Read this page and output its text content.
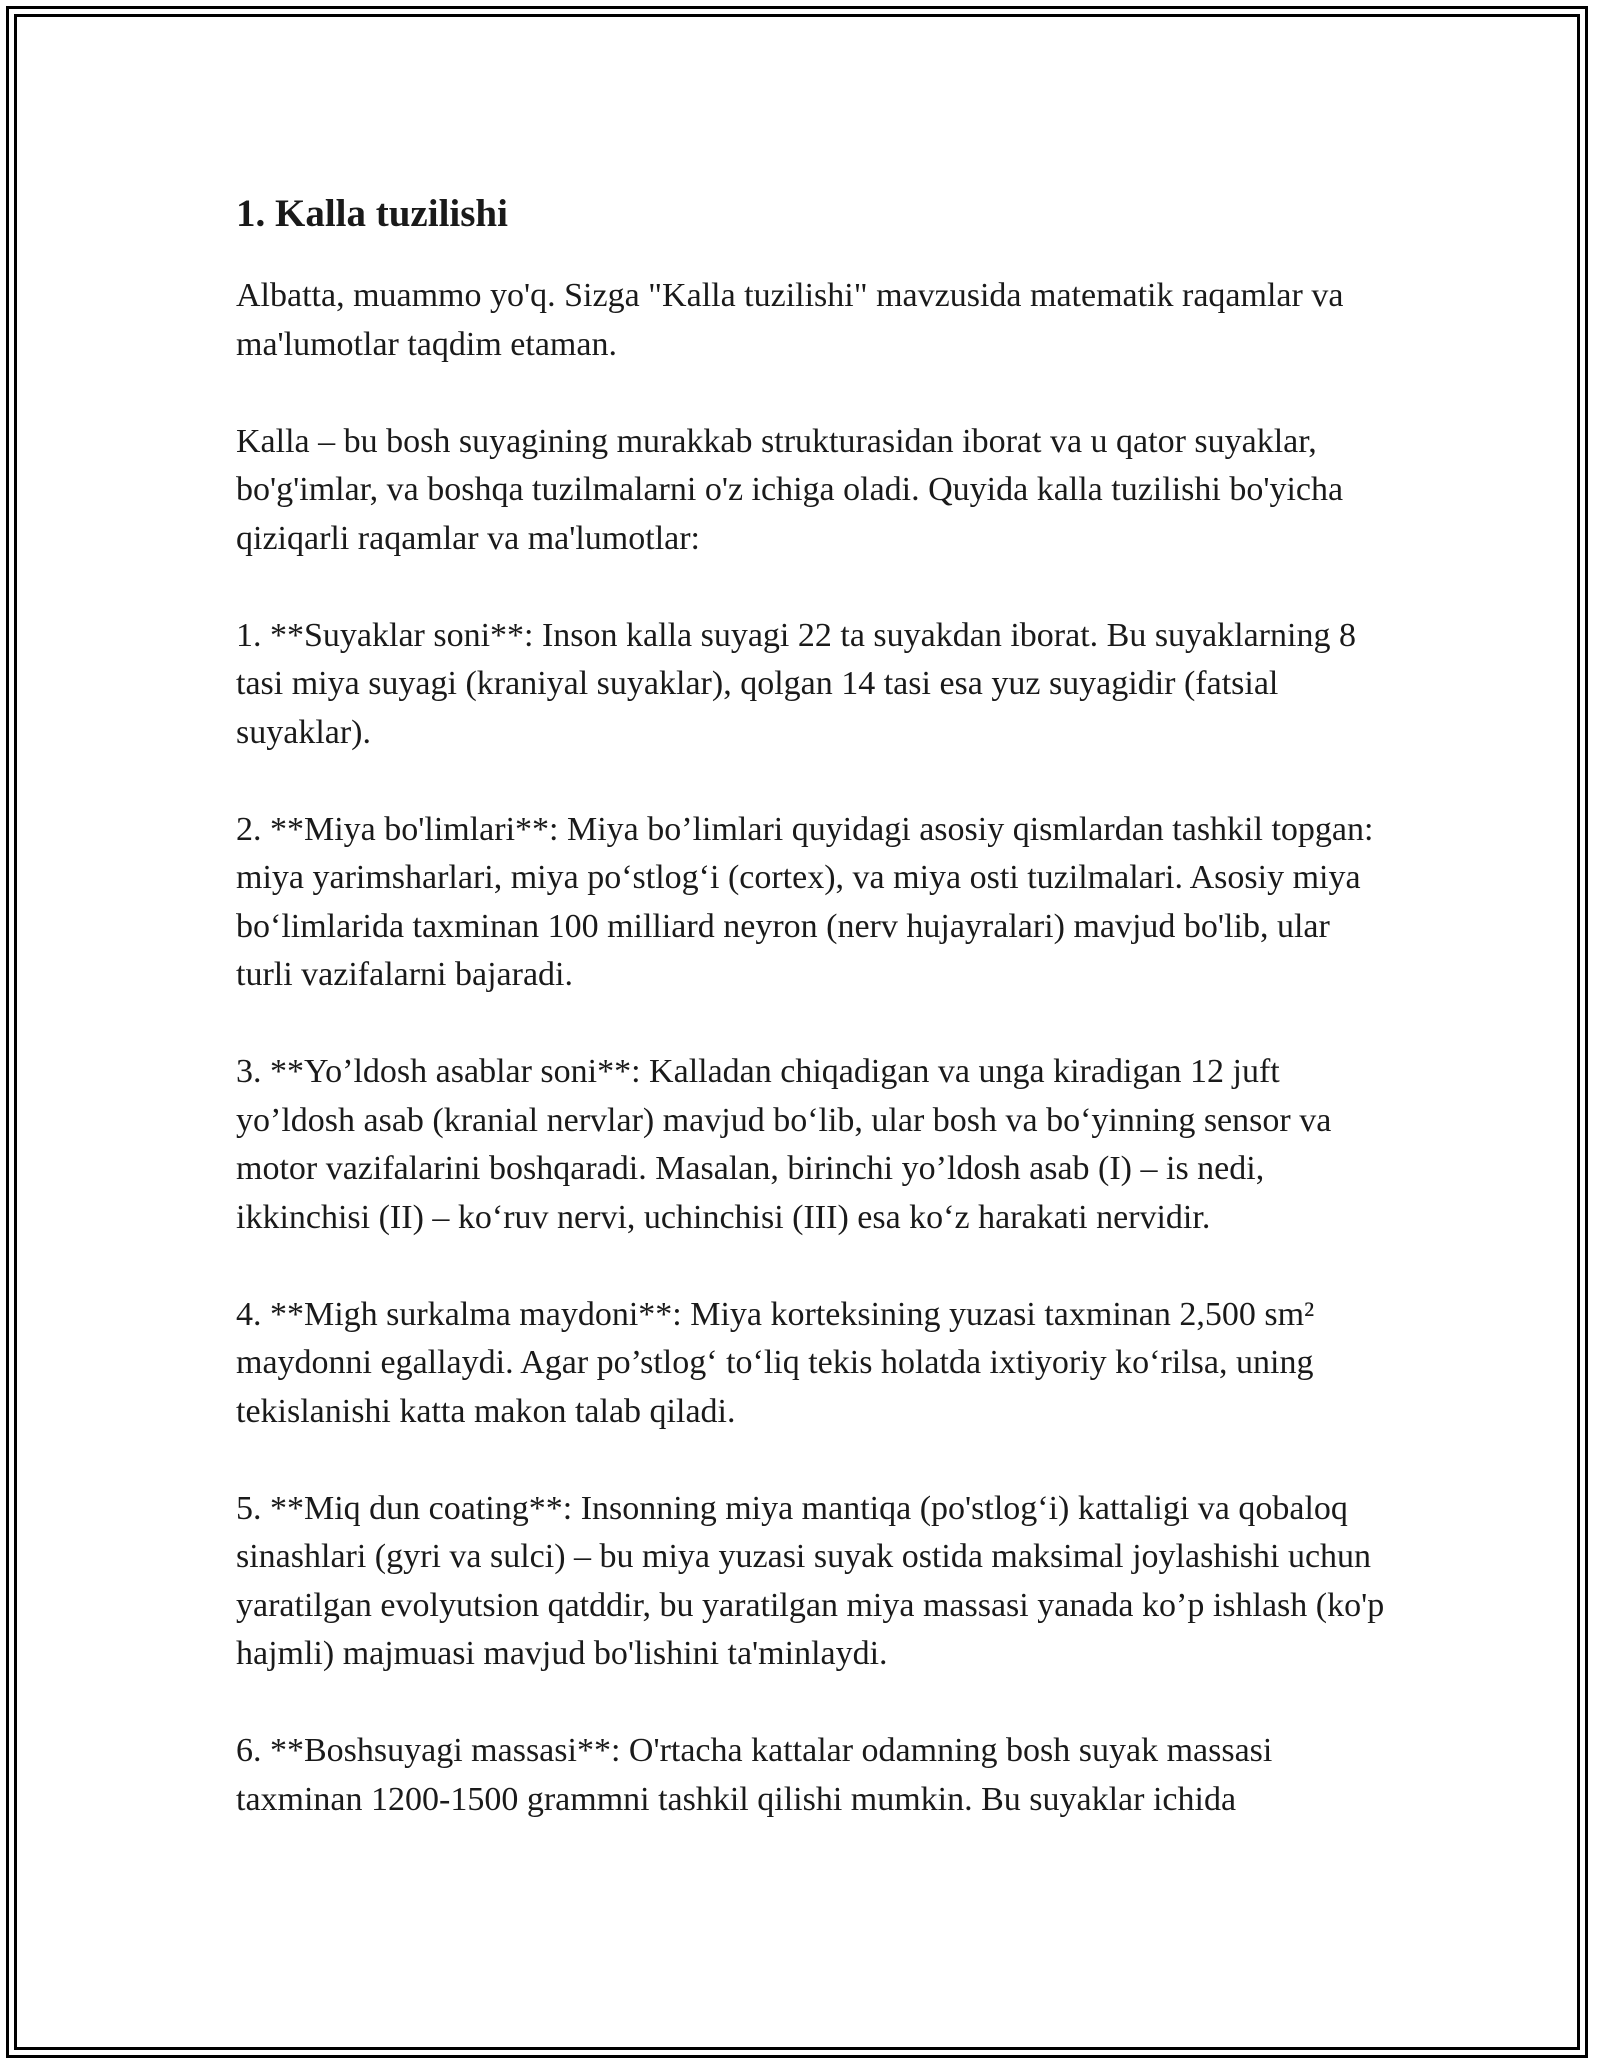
1. Kalla tuzilishi

Albatta, muammo yo'q. Sizga "Kalla tuzilishi" mavzusida matematik raqamlar va ma'lumotlar taqdim etaman.

Kalla – bu bosh suyagining murakkab strukturasidan iborat va u qator suyaklar, bo'g'imlar, va boshqa tuzilmalarni o'z ichiga oladi. Quyida kalla tuzilishi bo'yicha qiziqarli raqamlar va ma'lumotlar:

1. **Suyaklar soni**: Inson kalla suyagi 22 ta suyakdan iborat. Bu suyaklarning 8 tasi miya suyagi (kraniyal suyaklar), qolgan 14 tasi esa yuz suyagidir (fatsial suyaklar).

2. **Miya bo'limlari**: Miya bo’limlari quyidagi asosiy qismlardan tashkil topgan: miya yarimsharlari, miya po‘stlog‘i (cortex), va miya osti tuzilmalari. Asosiy miya bo‘limlarida taxminan 100 milliard neyron (nerv hujayralari) mavjud bo'lib, ular turli vazifalarni bajaradi.

3. **Yo’ldosh asablar soni**: Kalladan chiqadigan va unga kiradigan 12 juft yo’ldosh asab (kranial nervlar) mavjud bo‘lib, ular bosh va bo‘yinning sensor va motor vazifalarini boshqaradi. Masalan, birinchi yo’ldosh asab (I) – is nedi, ikkinchisi (II) – ko‘ruv nervi, uchinchisi (III) esa ko‘z harakati nervidir.

4. **Migh surkalma maydoni**: Miya korteksining yuzasi taxminan 2,500 sm² maydonni egallaydi. Agar po’stlog‘ to‘liq tekis holatda ixtiyoriy ko‘rilsa, uning tekislanishi katta makon talab qiladi.

5. **Miq dun coating**: Insonning miya mantiqa (po'stlog‘i) kattaligi va qobaloq sinashlari (gyri va sulci) – bu miya yuzasi suyak ostida maksimal joylashishi uchun yaratilgan evolyutsion qatddir, bu yaratilgan miya massasi yanada ko’p ishlash (ko'p hajmli) majmuasi mavjud bo'lishini ta'minlaydi.

6. **Boshsuyagi massasi**: O'rtacha kattalar odamning bosh suyak massasi taxminan 1200-1500 grammni tashkil qilishi mumkin. Bu suyaklar ichida
